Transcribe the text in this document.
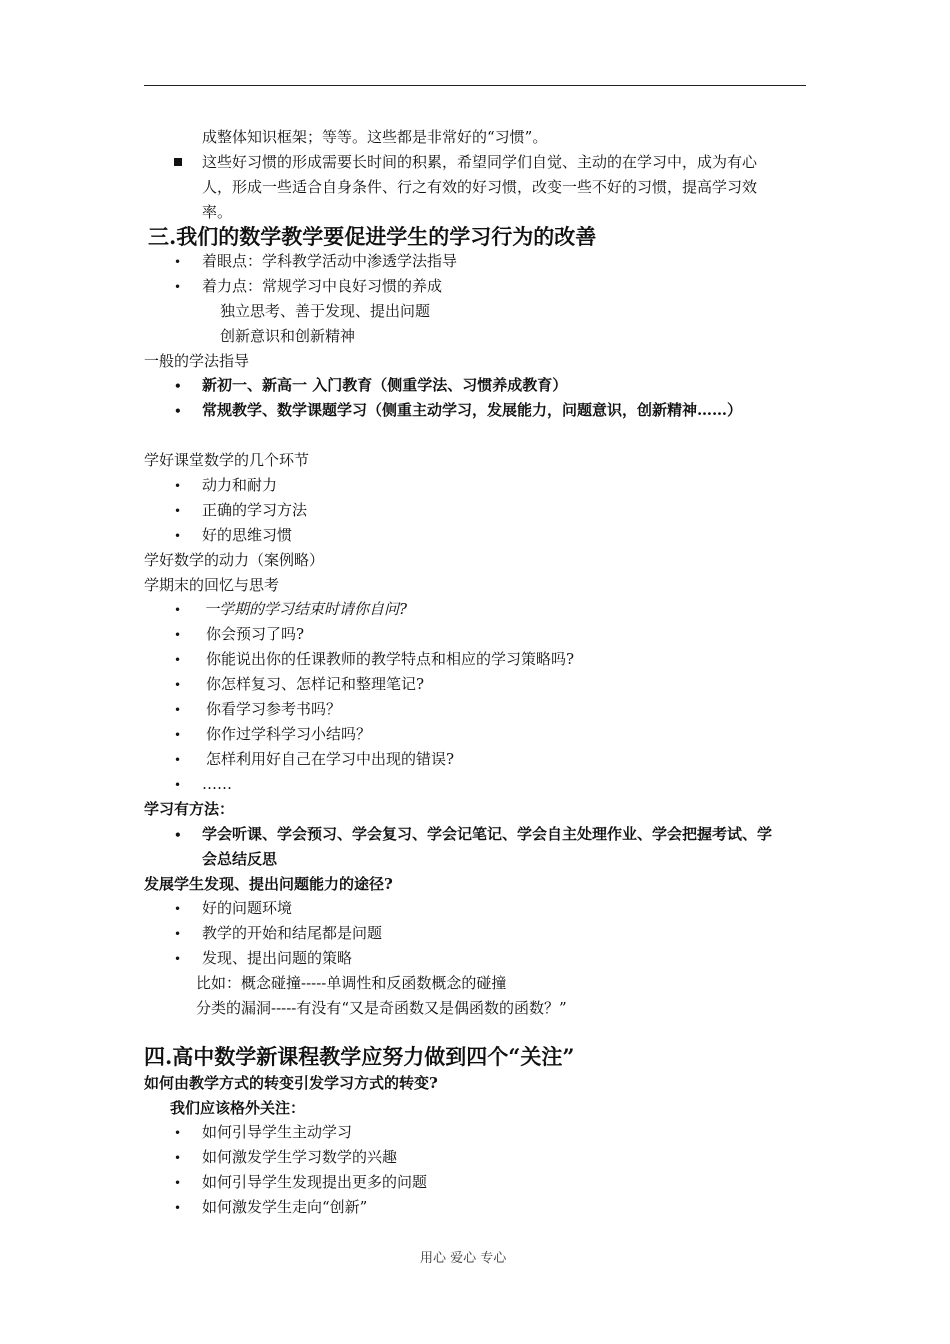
成整体知识框架；等等。这些都是非常好的“习惯”。
这些好习惯的形成需要长时间的积累，希望同学们自觉、主动的在学习中，成为有心
人，形成一些适合自身条件、行之有效的好习惯，改变一些不好的习惯，提高学习效
率。
三.我们的数学教学要促进学生的学习行为的改善
• 着眼点：学科教学活动中渗透学法指导
• 着力点：常规学习中良好习惯的养成
独立思考、善于发现、提出问题
创新意识和创新精神
一般的学法指导
• 新初一、新高一 入门教育（侧重学法、习惯养成教育）
• 常规教学、数学课题学习（侧重主动学习，发展能力，问题意识，创新精神……）
学好课堂数学的几个环节
• 动力和耐力
• 正确的学习方法
• 好的思维习惯
学好数学的动力（案例略）
学期末的回忆与思考
• 一学期的学习结束时请你自问?
• 你会预习了吗?
• 你能说出你的任课教师的教学特点和相应的学习策略吗?
• 你怎样复习、怎样记和整理笔记?
• 你看学习参考书吗？
• 你作过学科学习小结吗？
• 怎样利用好自己在学习中出现的错误?
• ……
学习有方法：
• 学会听课、学会预习、学会复习、学会记笔记、学会自主处理作业、学会把握考试、学
会总结反思
发展学生发现、提出问题能力的途径?
• 好的问题环境
• 教学的开始和结尾都是问题
• 发现、提出问题的策略
比如：概念碰撞-----单调性和反函数概念的碰撞
分类的漏洞-----有没有“又是奇函数又是偶函数的函数？”
四.高中数学新课程教学应努力做到四个“关注”
如何由教学方式的转变引发学习方式的转变?
我们应该格外关注：
• 如何引导学生主动学习
• 如何激发学生学习数学的兴趣
• 如何引导学生发现提出更多的问题
• 如何激发学生走向“创新”
用心 爱心 专心
